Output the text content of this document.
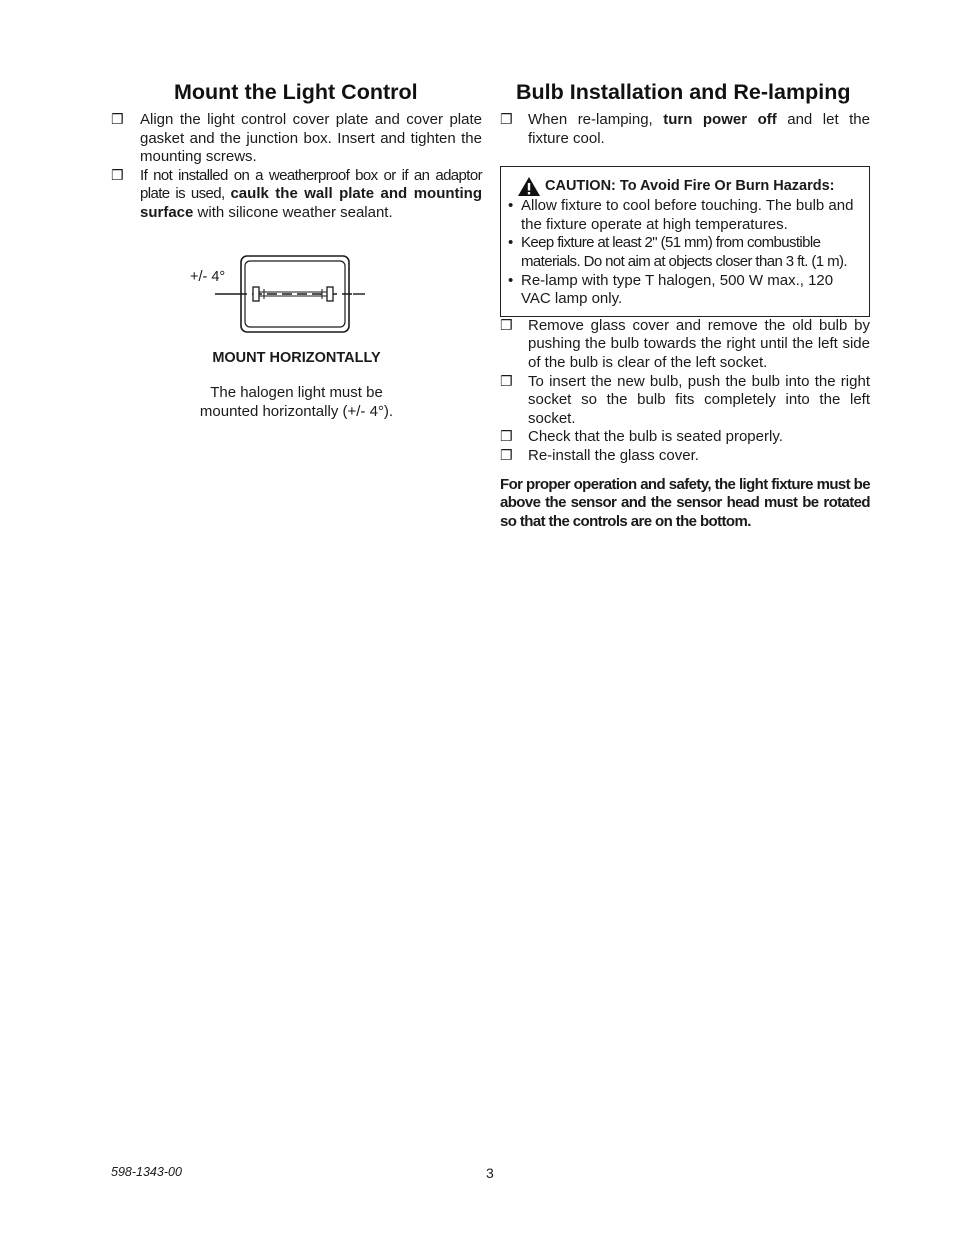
Mount the Light Control
❒ Align the light control cover plate and cover plate gasket and the junction box. Insert and tighten the mounting screws.
❒ If not installed on a weatherproof box or if an adaptor plate is used, caulk the wall plate and mounting surface with silicone weather sealant.
+/- 4°
MOUNT HORIZONTALLY
The halogen light must be
mounted horizontally (+/- 4°).
Bulb Installation and Re-lamping
❒ When re-lamping, turn power off and let the fixture cool.
CAUTION: To Avoid Fire Or Burn Hazards:
• Allow fixture to cool before touching. The bulb and the fixture operate at high temperatures.
• Keep fixture at least 2" (51 mm) from combustible materials. Do not aim at objects closer than 3 ft. (1 m).
• Re-lamp with type T halogen, 500 W max., 120 VAC lamp only.
❒ Remove glass cover and remove the old bulb by pushing the bulb towards the right until the left side of the bulb is clear of the left socket.
❒ To insert the new bulb, push the bulb into the right socket so the bulb fits completely into the left socket.
❒ Check that the bulb is seated properly.
❒ Re-install the glass cover.
For proper operation and safety, the light fixture must be above the sensor and the sensor head must be rotated so that the controls are on the bottom.
598-1343-00	3
